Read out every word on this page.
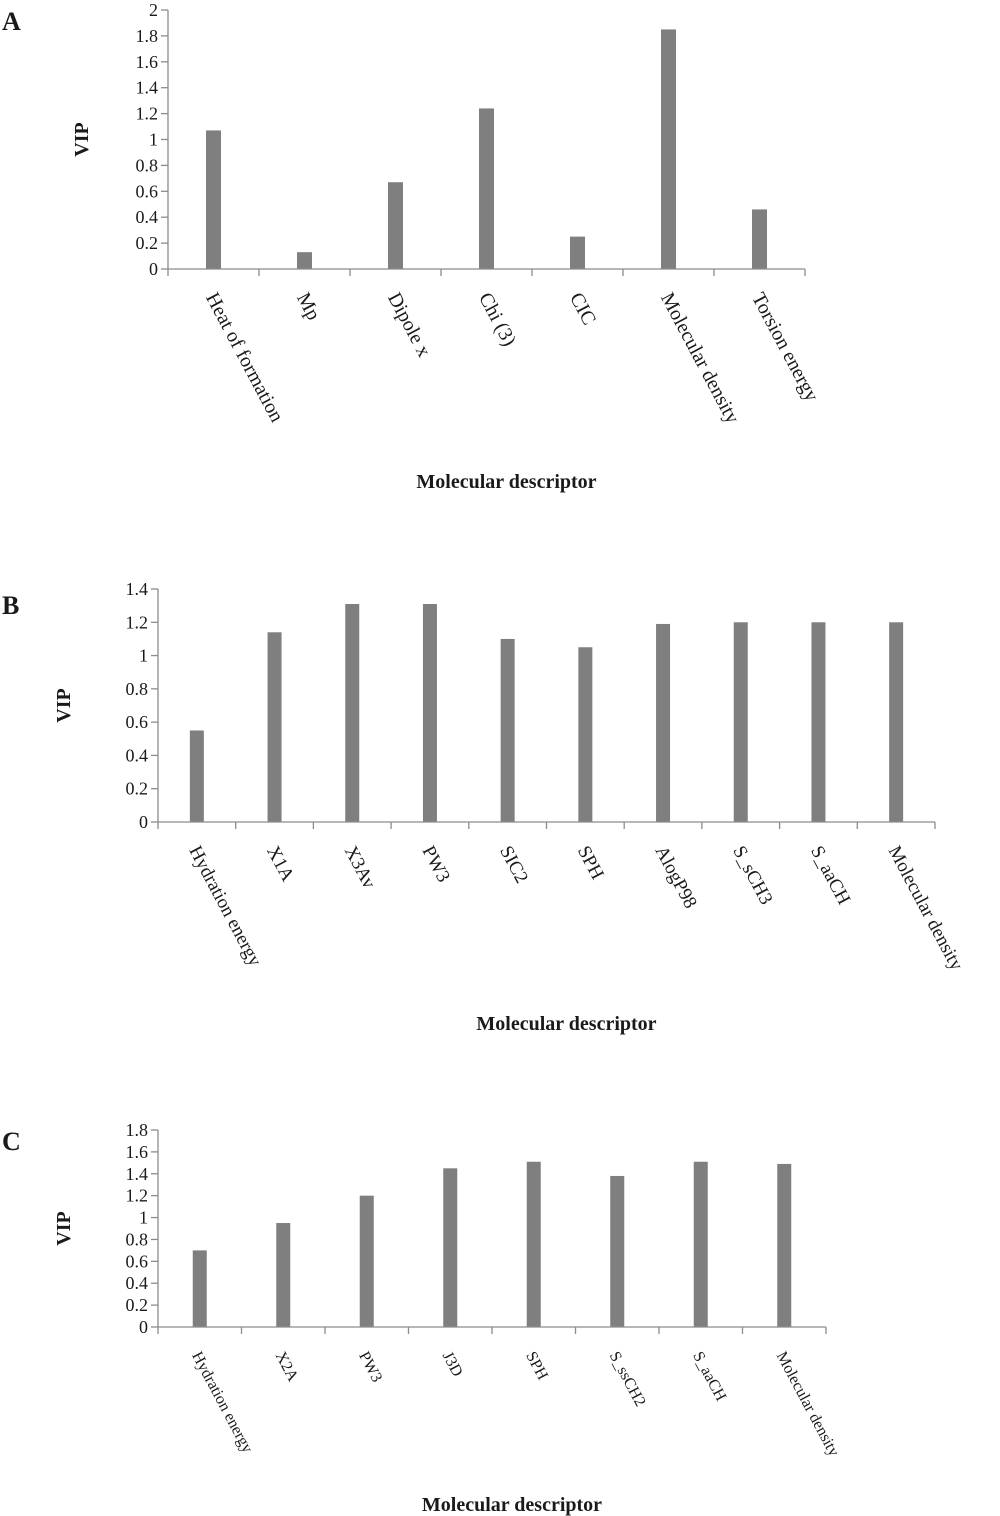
A
VIP
Molecular descriptor
0
0.2
0.4
0.6
0.8
1
1.2
1.4
1.6
1.8
2
Heat of formation Mp	Dipole x Chi (3) CIC	Molecular density Torsion energy
B
VIP
Molecular descriptor
0
0.2
0.4
0.6
0.8
1
1.2
1.4
Hydration energy
X1A X3Av PW3 SIC2 SPH AlogP98 S_sCH3 S_aaCH Molecular density
C
VIP
Molecular descriptor
0
0.2
0.4
0.6
0.8
1
1.2
1.4
1.6
1.8
Hydration energy X2A	PW3	J3D	SPH	S_ssCH2	S_aaCH	Molecular density
